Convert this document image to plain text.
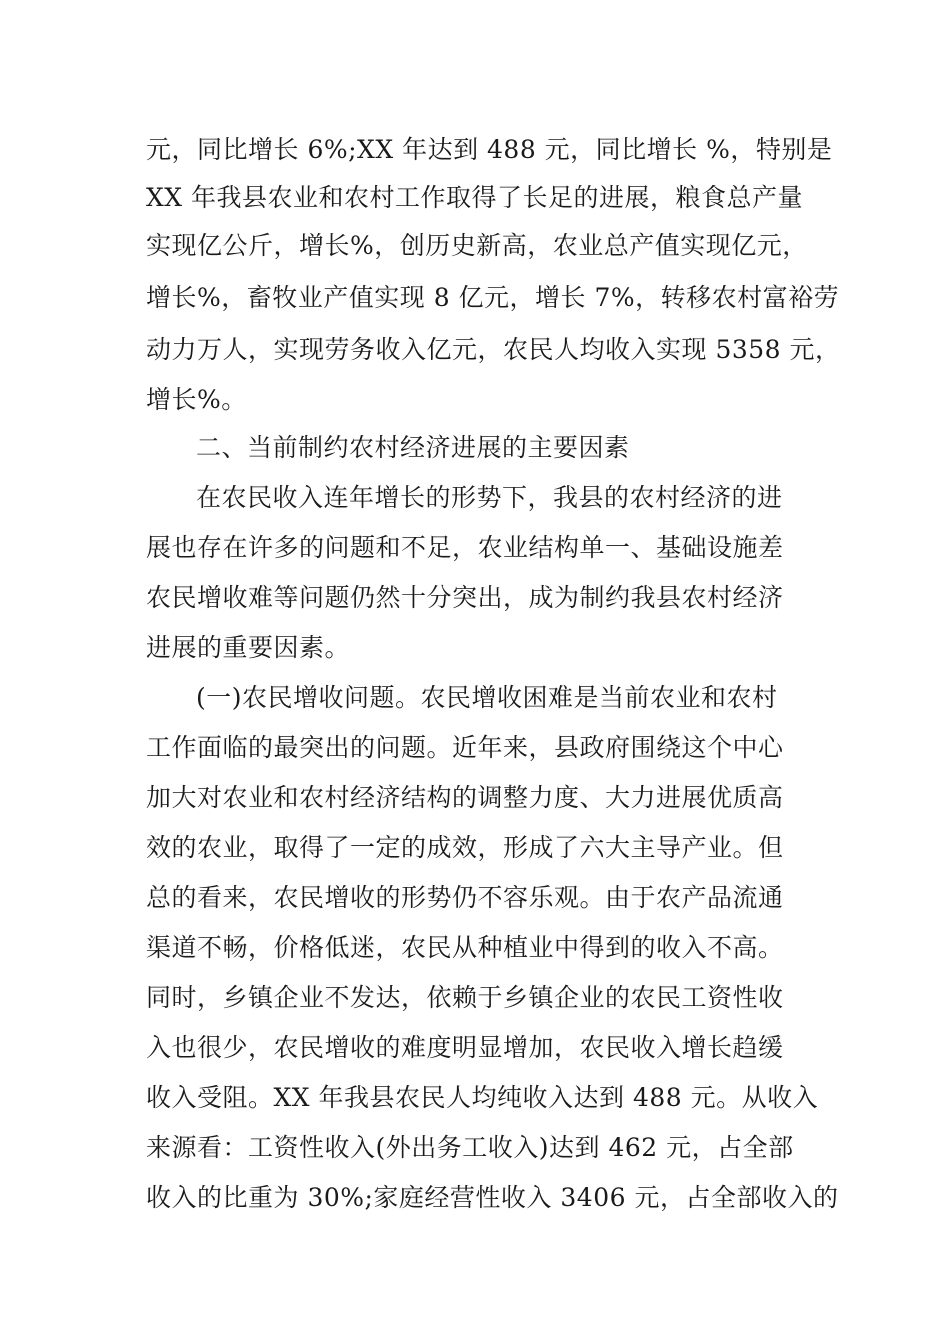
元，同比增长 6%;XX 年达到 488 元，同比增长 %，特别是
XX 年我县农业和农村工作取得了长足的进展，粮食总产量
实现亿公斤，增长%，创历史新高，农业总产值实现亿元，
增长%，畜牧业产值实现 8 亿元，增长 7%，转移农村富裕劳
动力万人，实现劳务收入亿元，农民人均收入实现 5358 元，
增长%。
二、当前制约农村经济进展的主要因素
在农民收入连年增长的形势下，我县的农村经济的进
展也存在许多的问题和不足，农业结构单一、基础设施差
农民增收难等问题仍然十分突出，成为制约我县农村经济
进展的重要因素。
(一)农民增收问题。农民增收困难是当前农业和农村
工作面临的最突出的问题。近年来，县政府围绕这个中心
加大对农业和农村经济结构的调整力度、大力进展优质高
效的农业，取得了一定的成效，形成了六大主导产业。但
总的看来，农民增收的形势仍不容乐观。由于农产品流通
渠道不畅，价格低迷，农民从种植业中得到的收入不高。
同时，乡镇企业不发达，依赖于乡镇企业的农民工资性收
入也很少，农民增收的难度明显增加，农民收入增长趋缓
收入受阻。XX 年我县农民人均纯收入达到 488 元。从收入
来源看：工资性收入(外出务工收入)达到 462 元，占全部
收入的比重为 30%;家庭经营性收入 3406 元，占全部收入的
